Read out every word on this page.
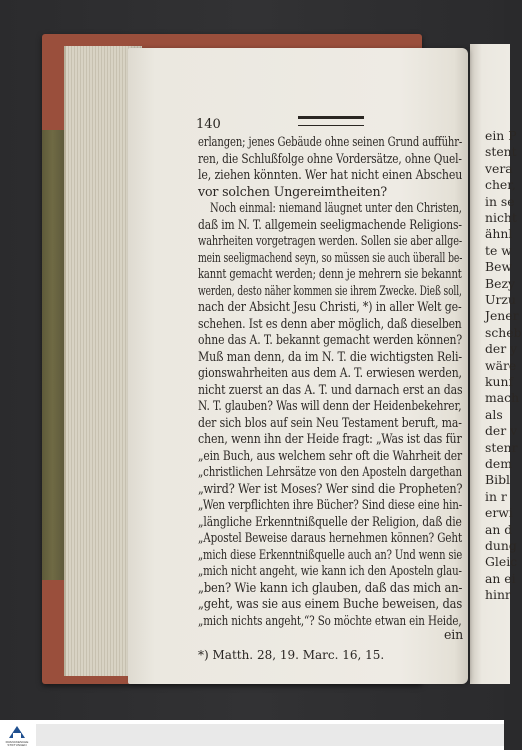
140
erlangen; jenes Gebäude ohne seinen Grund aufführ-
ren, die Schlußfolge ohne Vordersätze, ohne Quel-
le, ziehen könnten. Wer hat nicht einen Abscheu
vor solchen Ungereimtheiten?
Noch einmal: niemand läugnet unter den Christen,
daß im N. T. allgemein seeligmachende Religions-
wahrheiten vorgetragen werden. Sollen sie aber allge-
mein seeligmachend seyn, so müssen sie auch überall be-
kannt gemacht werden; denn je mehrern sie bekannt
werden, desto näher kommen sie ihrem Zwecke. Dieß soll,
nach der Absicht Jesu Christi, *) in aller Welt ge-
schehen. Ist es denn aber möglich, daß dieselben
ohne das A. T. bekannt gemacht werden können?
Muß man denn, da im N. T. die wichtigsten Reli-
gionswahrheiten aus dem A. T. erwiesen werden,
nicht zuerst an das A. T. und darnach erst an das
N. T. glauben? Was will denn der Heidenbekehrer,
der sich blos auf sein Neu Testament beruft, ma-
chen, wenn ihn der Heide fragt: „Was ist das für
„ein Buch, aus welchem sehr oft die Wahrheit der
„christlichen Lehrsätze von den Aposteln dargethan
„wird? Wer ist Moses? Wer sind die Propheten?
„Wen verpflichten ihre Bücher? Sind diese eine hin-
„längliche Erkenntnißquelle der Religion, daß die
„Apostel Beweise daraus hernehmen können? Geht
„mich diese Erkenntnißquelle auch an? Und wenn sie
„mich nicht angeht, wie kann ich den Aposteln glau-
„ben? Wie kann ich glauben, daß das mich an-
„geht, was sie aus einem Buche beweisen, das
„mich nichts angeht,“? So möchte etwan ein Heide,
ein
*) Matth. 28, 19. Marc. 16, 15.
FRANCKESCHE STIFTUNGEN
ein P
stent
vera
cher,
in se
nicht
ähnl
te w
Bew
Bezy
Urzu
Jener
scheb
der y
wäre
kunf
mach
als
der v
stenr
dem
Bibl
in r
erwi
an d
dung
Gleic
an ei
hinr
